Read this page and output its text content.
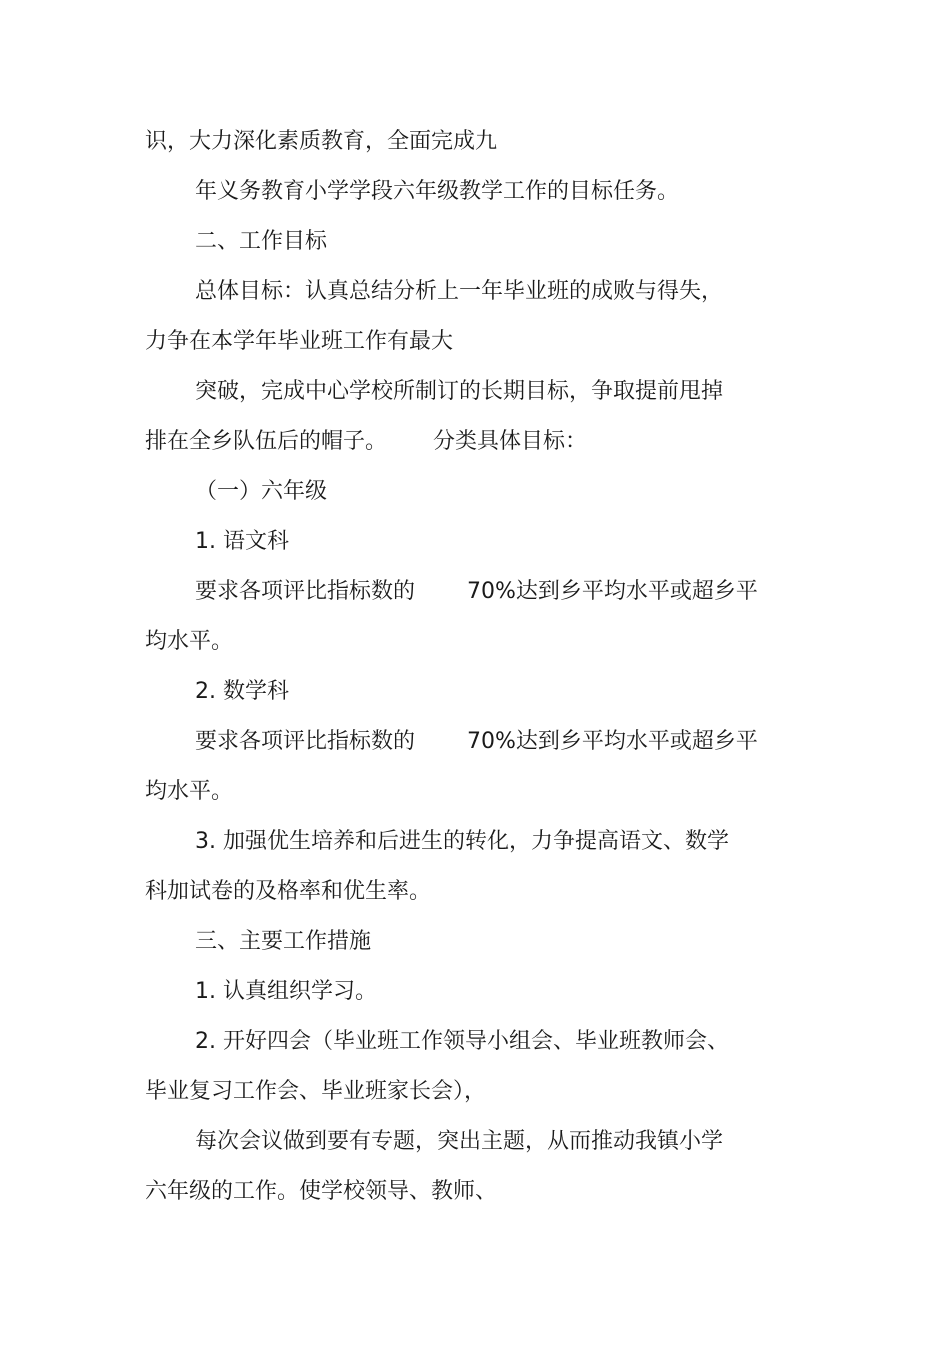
识，大力深化素质教育，全面完成九

年义务教育小学学段六年级教学工作的目标任务。

二、工作目标

总体目标：认真总结分析上一年毕业班的成败与得失，

力争在本学年毕业班工作有最大

突破，完成中心学校所制订的长期目标，争取提前甩掉

排在全乡队伍后的帽子。 分类具体目标：

（一）六年级

1. 语文科

要求各项评比指标数的 70%达到乡平均水平或超乡平

均水平。

2. 数学科

要求各项评比指标数的 70%达到乡平均水平或超乡平

均水平。

3. 加强优生培养和后进生的转化，力争提高语文、数学

科加试卷的及格率和优生率。

三、主要工作措施

1. 认真组织学习。

2. 开好四会（毕业班工作领导小组会、毕业班教师会、

毕业复习工作会、毕业班家长会），

每次会议做到要有专题，突出主题，从而推动我镇小学

六年级的工作。使学校领导、教师、
